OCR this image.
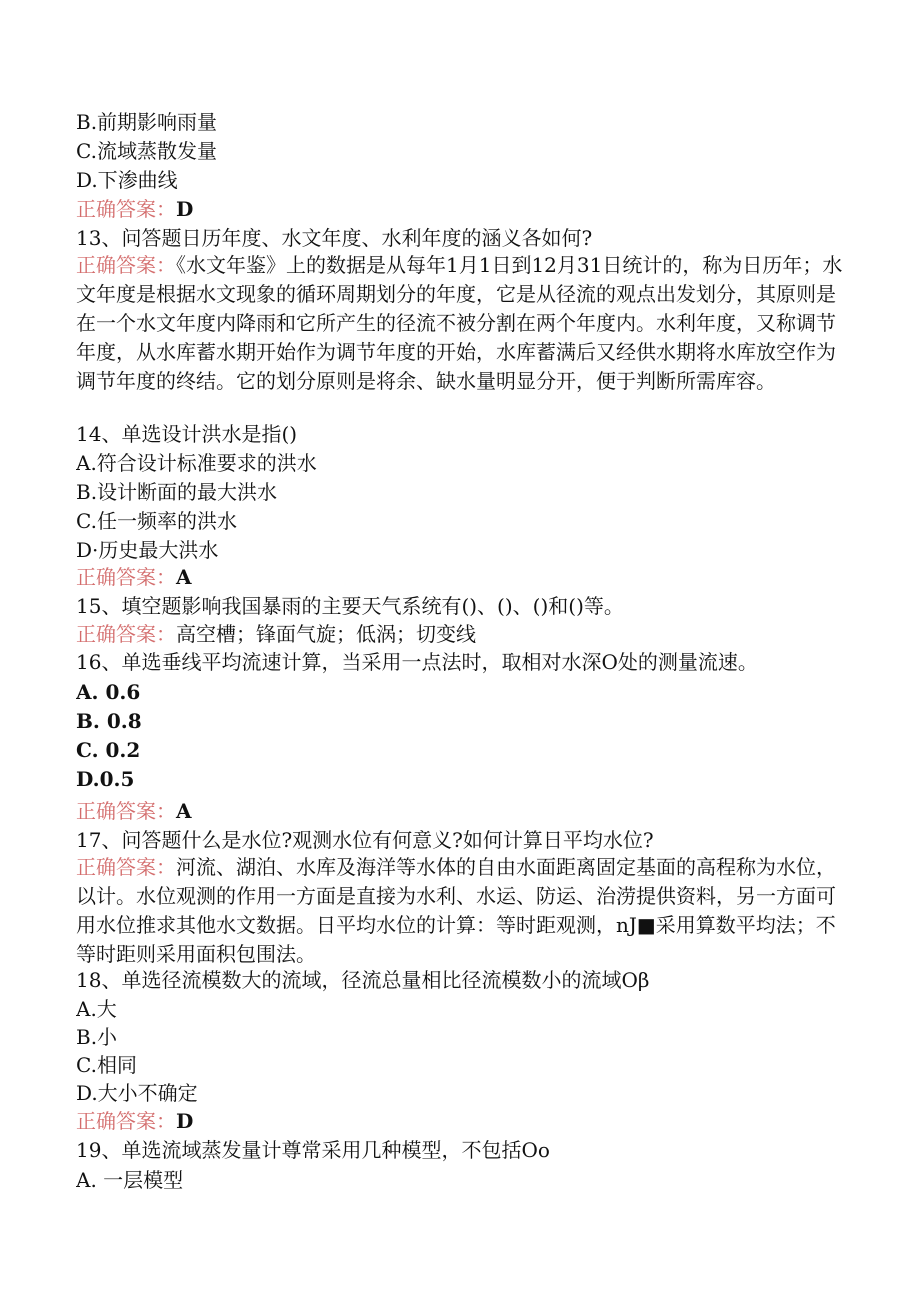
B.前期影响雨量
C.流域蒸散发量
D.下渗曲线
正确答案：D
13、问答题日历年度、水文年度、水利年度的涵义各如何?
正确答案：《水文年鉴》上的数据是从每年1月1日到12月31日统计的，称为日历年；水文年度是根据水文现象的循环周期划分的年度，它是从径流的观点出发划分，其原则是在一个水文年度内降雨和它所产生的径流不被分割在两个年度内。水利年度，又称调节年度，从水库蓄水期开始作为调节年度的开始，水库蓄满后又经供水期将水库放空作为调节年度的终结。它的划分原则是将余、缺水量明显分开，便于判断所需库容。
14、单选设计洪水是指()
A.符合设计标准要求的洪水
B.设计断面的最大洪水
C.任一频率的洪水
D·历史最大洪水
正确答案：A
15、填空题影响我国暴雨的主要天气系统有()、()、()和()等。
正确答案：高空槽；锋面气旋；低涡；切变线
16、单选垂线平均流速计算，当采用一点法时，取相对水深O处的测量流速。
A. 0.6
B. 0.8
C. 0.2
D.0.5
正确答案：A
17、问答题什么是水位?观测水位有何意义?如何计算日平均水位?
正确答案：河流、湖泊、水库及海洋等水体的自由水面距离固定基面的高程称为水位，以计。水位观测的作用一方面是直接为水利、水运、防运、治涝提供资料，另一方面可用水位推求其他水文数据。日平均水位的计算：等时距观测，nJ■采用算数平均法；不等时距则采用面积包围法。
18、单选径流模数大的流域，径流总量相比径流模数小的流域Oβ
A.大
B.小
C.相同
D.大小不确定
正确答案：D
19、单选流域蒸发量计尊常采用几种模型，不包括Oo
A. 一层模型
